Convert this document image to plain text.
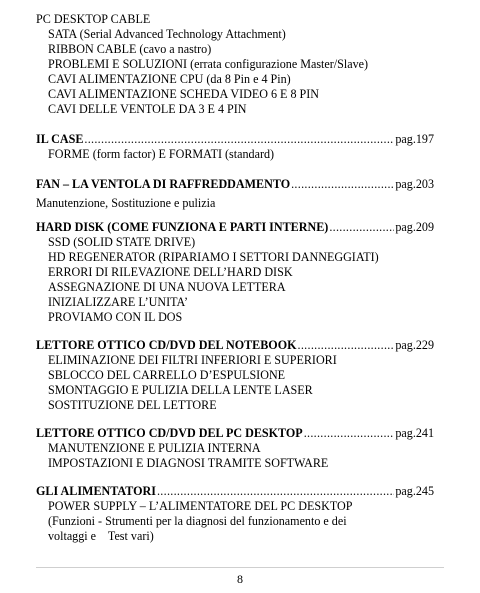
PC DESKTOP CABLE
SATA (Serial Advanced Technology Attachment)
RIBBON CABLE (cavo a nastro)
PROBLEMI E SOLUZIONI (errata configurazione Master/Slave)
CAVI ALIMENTAZIONE CPU (da 8 Pin e 4 Pin)
CAVI ALIMENTAZIONE SCHEDA VIDEO 6 E 8 PIN
CAVI DELLE VENTOLE DA 3 E 4 PIN
IL CASE .....	pag.197
FORME (form factor) E FORMATI (standard)
FAN – LA VENTOLA DI RAFFREDDAMENTO .....	pag.203
Manutenzione, Sostituzione e pulizia
HARD DISK (COME FUNZIONA E PARTI INTERNE) .....	pag.209
SSD (SOLID STATE DRIVE)
HD REGENERATOR (RIPARIAMO I SETTORI DANNEGGIATI)
ERRORI DI RILEVAZIONE DELL’HARD DISK
ASSEGNAZIONE DI UNA NUOVA LETTERA
INIZIALIZZARE L’UNITA’
PROVIAMO CON IL DOS
LETTORE OTTICO CD/DVD DEL NOTEBOOK .....	pag.229
ELIMINAZIONE DEI FILTRI INFERIORI E SUPERIORI
SBLOCCO DEL CARRELLO D’ESPULSIONE
SMONTAGGIO E PULIZIA DELLA LENTE LASER
SOSTITUZIONE DEL LETTORE
LETTORE OTTICO CD/DVD DEL PC DESKTOP .....	pag.241
MANUTENZIONE E PULIZIA INTERNA
IMPOSTAZIONI E DIAGNOSI TRAMITE SOFTWARE
GLI ALIMENTATORI .....	pag.245
POWER SUPPLY – L’ALIMENTATORE DEL PC DESKTOP
(Funzioni - Strumenti per la diagnosi del funzionamento e dei
voltaggi e    Test vari)
8
